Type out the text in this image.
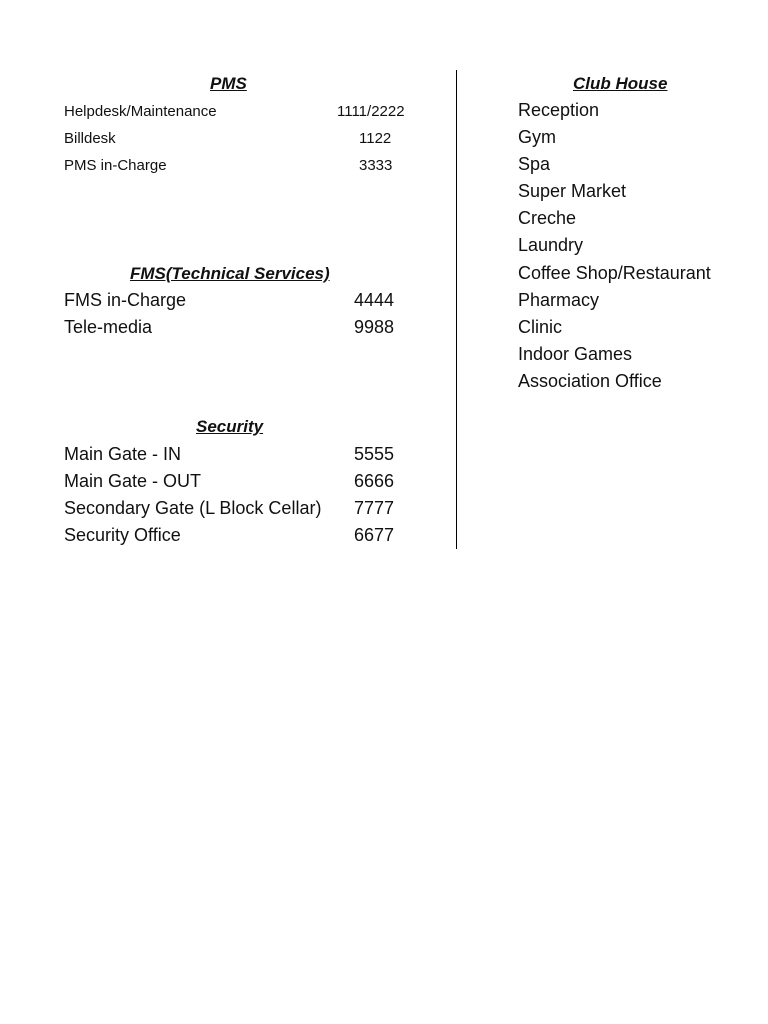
PMS
Helpdesk/Maintenance	1111/2222
Billdesk	1122
PMS in-Charge	3333
FMS(Technical Services)
FMS in-Charge	4444
Tele-media	9988
Security
Main Gate - IN	5555
Main Gate - OUT	6666
Secondary Gate (L Block Cellar) 7777
Security Office	6677
Club House
Reception
Gym
Spa
Super Market
Creche
Laundry
Coffee Shop/Restaurant
Pharmacy
Clinic
Indoor Games
Association Office
